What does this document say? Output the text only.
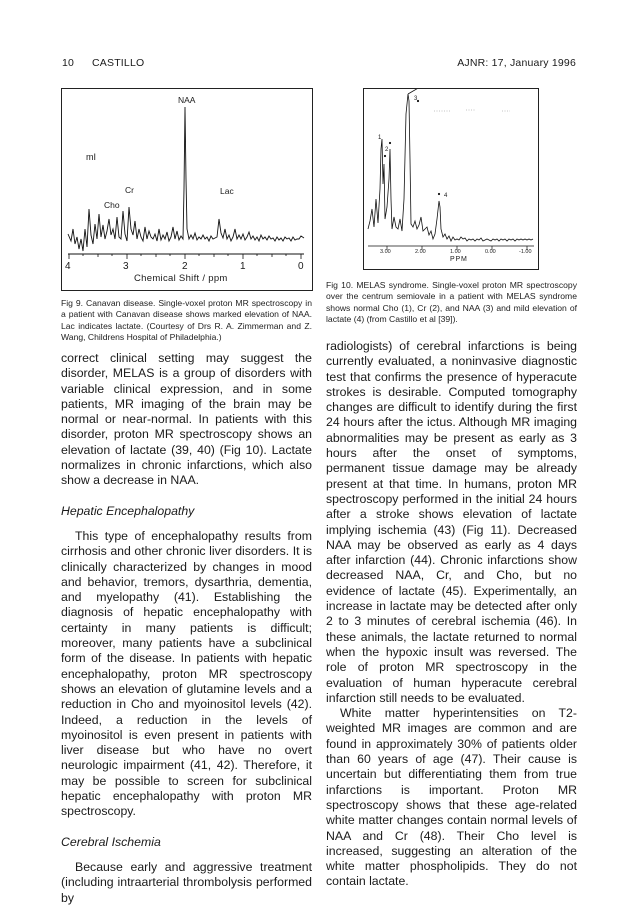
10 CASTILLO	AJNR: 17, January 1996
NAA
mI
Cr
Cho
Lac
4	3	2	1	0
Chemical Shift / ppm
Fig 9. Canavan disease. Single-voxel proton MR spectroscopy in a patient with Canavan disease shows marked elevation of NAA. Lac indicates lactate. (Courtesy of Drs R. A. Zimmerman and Z. Wang, Childrens Hospital of Philadelphia.)
1
2
3
4
3.00	2.00	1.00	0.00	-1.00
PPM
Fig 10. MELAS syndrome. Single-voxel proton MR spectroscopy over the centrum semiovale in a patient with MELAS syndrome shows normal Cho (1), Cr (2), and NAA (3) and mild elevation of lactate (4) (from Castillo et al [39]).

correct clinical setting may suggest the disorder, MELAS is a group of disorders with variable clinical expression, and in some patients, MR imaging of the brain may be normal or near-normal. In patients with this disorder, proton MR spectroscopy shows an elevation of lactate (39, 40) (Fig 10). Lactate normalizes in chronic infarctions, which also show a decrease in NAA.

Hepatic Encephalopathy

This type of encephalopathy results from cirrhosis and other chronic liver disorders. It is clinically characterized by changes in mood and behavior, tremors, dysarthria, dementia, and myelopathy (41). Establishing the diagnosis of hepatic encephalopathy with certainty in many patients is difficult; moreover, many patients have a subclinical form of the disease. In patients with hepatic encephalopathy, proton MR spectroscopy shows an elevation of glutamine levels and a reduction in Cho and myoinositol levels (42). Indeed, a reduction in the levels of myoinositol is even present in patients with liver disease but who have no overt neurologic impairment (41, 42). Therefore, it may be possible to screen for subclinical hepatic encephalopathy with proton MR spectroscopy.

Cerebral Ischemia

Because early and aggressive treatment (including intraarterial thrombolysis performed by

radiologists) of cerebral infarctions is being currently evaluated, a noninvasive diagnostic test that confirms the presence of hyperacute strokes is desirable. Computed tomography changes are difficult to identify during the first 24 hours after the ictus. Although MR imaging abnormalities may be present as early as 3 hours after the onset of symptoms, permanent tissue damage may be already present at that time. In humans, proton MR spectroscopy performed in the initial 24 hours after a stroke shows elevation of lactate implying ischemia (43) (Fig 11). Decreased NAA may be observed as early as 4 days after infarction (44). Chronic infarctions show decreased NAA, Cr, and Cho, but no evidence of lactate (45). Experimentally, an increase in lactate may be detected after only 2 to 3 minutes of cerebral ischemia (46). In these animals, the lactate returned to normal when the hypoxic insult was reversed. The role of proton MR spectroscopy in the evaluation of human hyperacute cerebral infarction still needs to be evaluated.

White matter hyperintensities on T2-weighted MR images are common and are found in approximately 30% of patients older than 60 years of age (47). Their cause is uncertain but differentiating them from true infarctions is important. Proton MR spectroscopy shows that these age-related white matter changes contain normal levels of NAA and Cr (48). Their Cho level is increased, suggesting an alteration of the white matter phospholipids. They do not contain lactate.
